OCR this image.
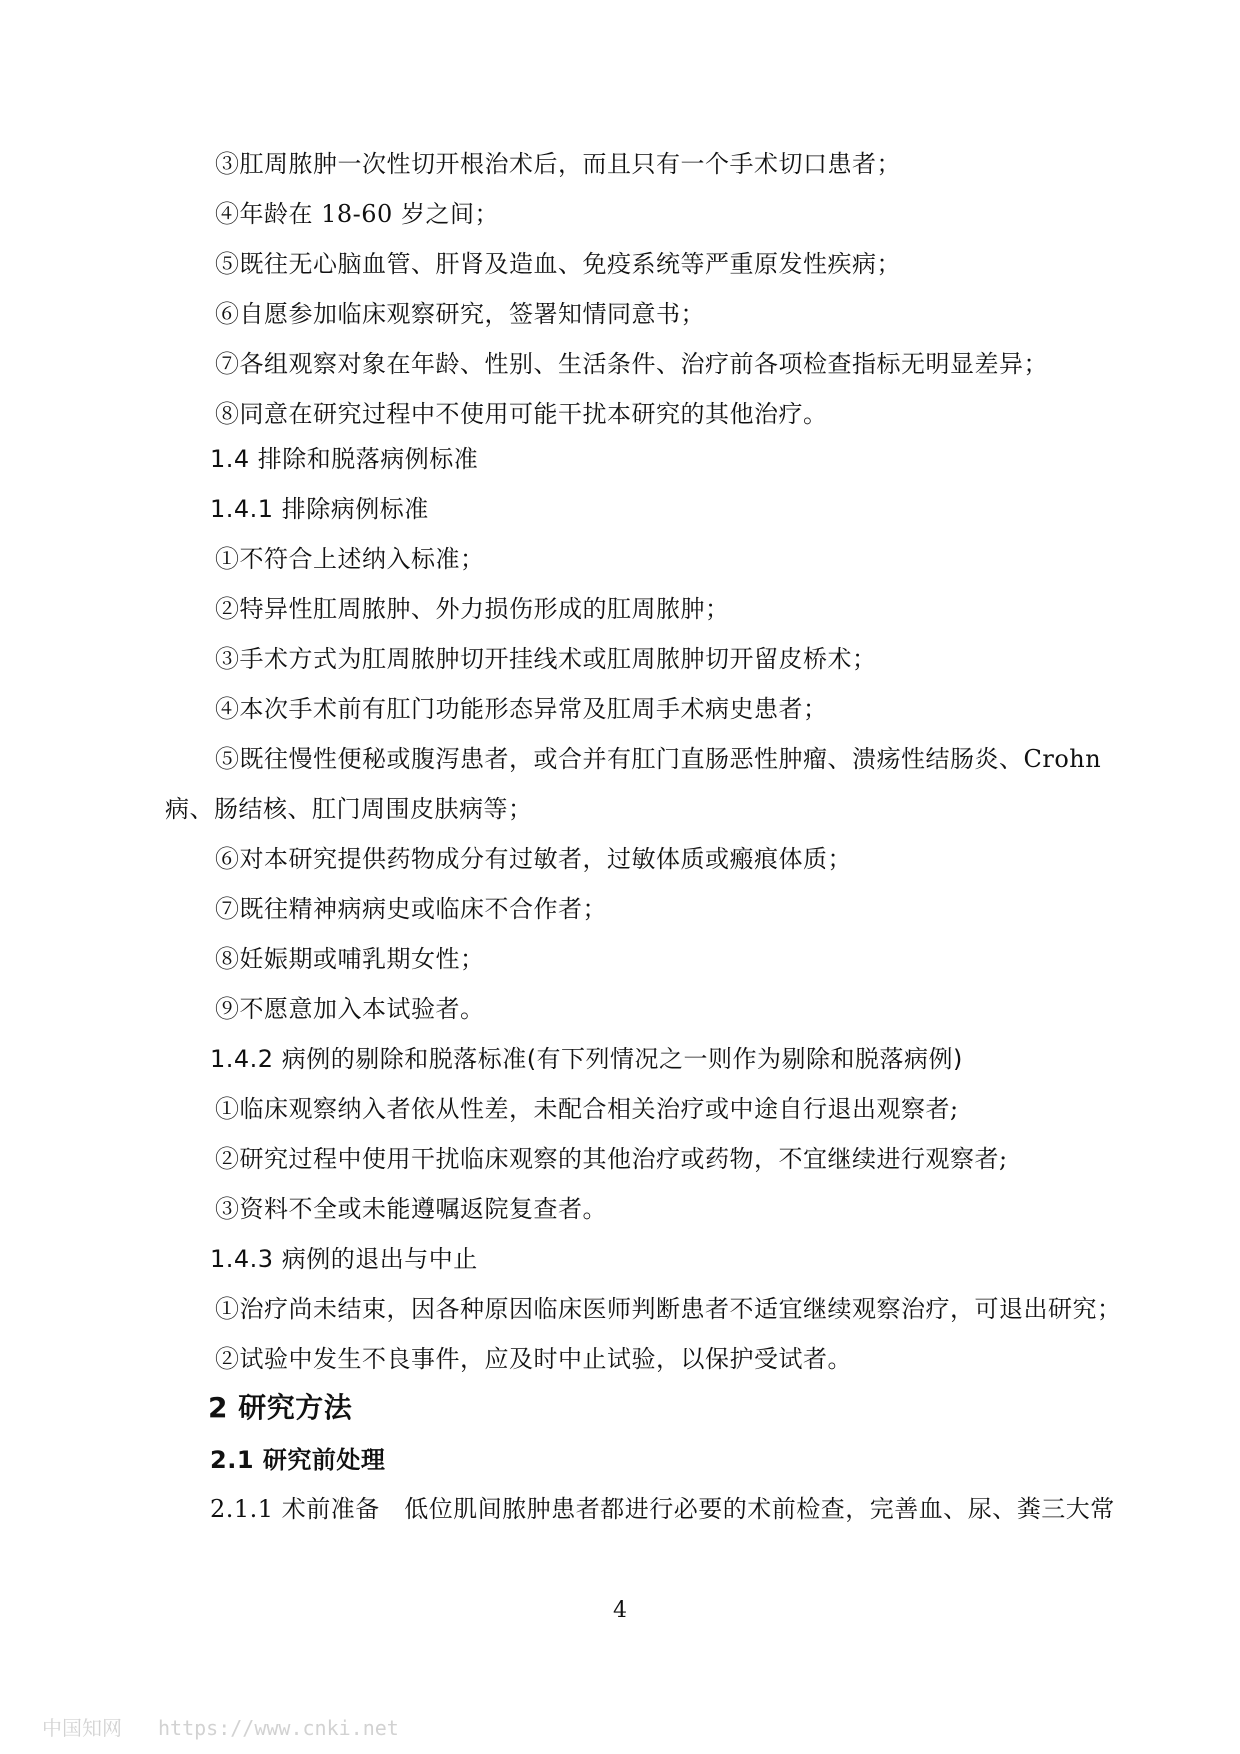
③肛周脓肿一次性切开根治术后，而且只有一个手术切口患者；
④年龄在 18-60 岁之间；
⑤既往无心脑血管、肝肾及造血、免疫系统等严重原发性疾病；
⑥自愿参加临床观察研究，签署知情同意书；
⑦各组观察对象在年龄、性别、生活条件、治疗前各项检查指标无明显差异；
⑧同意在研究过程中不使用可能干扰本研究的其他治疗。
1.4 排除和脱落病例标准
1.4.1 排除病例标准
①不符合上述纳入标准；
②特异性肛周脓肿、外力损伤形成的肛周脓肿；
③手术方式为肛周脓肿切开挂线术或肛周脓肿切开留皮桥术；
④本次手术前有肛门功能形态异常及肛周手术病史患者；
⑤既往慢性便秘或腹泻患者，或合并有肛门直肠恶性肿瘤、溃疡性结肠炎、Crohn
病、肠结核、肛门周围皮肤病等；
⑥对本研究提供药物成分有过敏者，过敏体质或瘢痕体质；
⑦既往精神病病史或临床不合作者；
⑧妊娠期或哺乳期女性；
⑨不愿意加入本试验者。
1.4.2 病例的剔除和脱落标准(有下列情况之一则作为剔除和脱落病例)
①临床观察纳入者依从性差，未配合相关治疗或中途自行退出观察者;
②研究过程中使用干扰临床观察的其他治疗或药物，不宜继续进行观察者;
③资料不全或未能遵嘱返院复查者。
1.4.3 病例的退出与中止
①治疗尚未结束，因各种原因临床医师判断患者不适宜继续观察治疗，可退出研究；
②试验中发生不良事件，应及时中止试验，以保护受试者。
2 研究方法
2.1 研究前处理
2.1.1 术前准备　低位肌间脓肿患者都进行必要的术前检查，完善血、尿、粪三大常
4
中国知网 https://www.cnki.net
